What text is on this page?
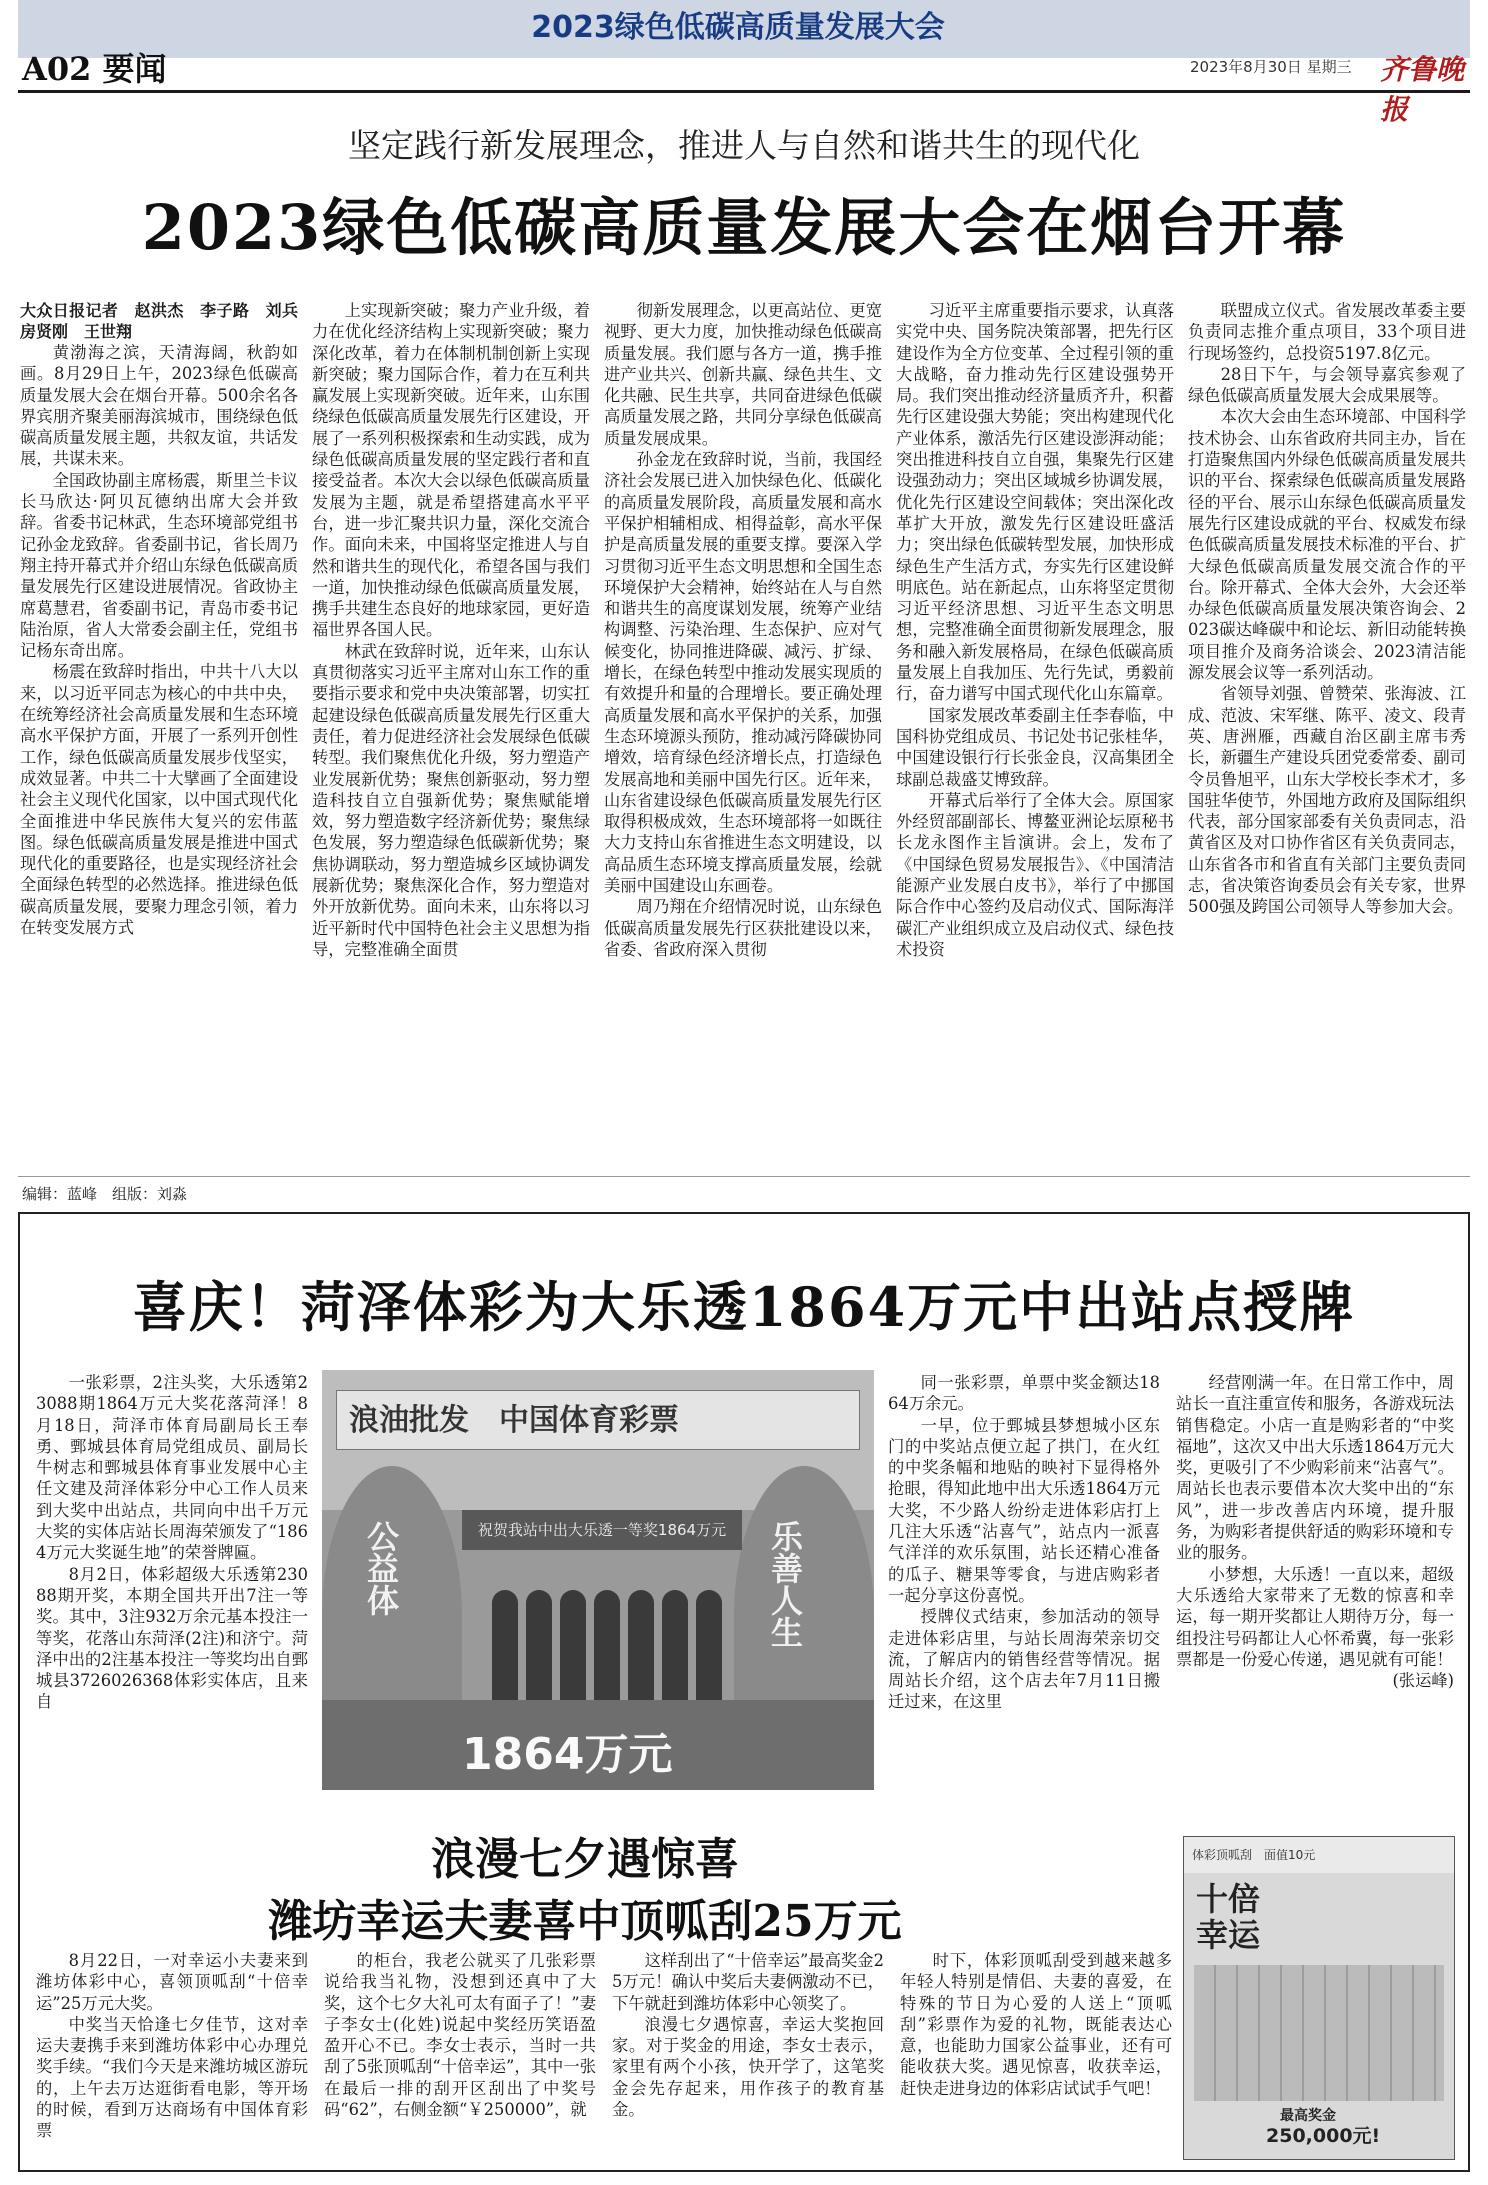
2023绿色低碳高质量发展大会
A02 要闻	2023年8月30日 星期三 齐鲁晚报
坚定践行新发展理念，推进人与自然和谐共生的现代化
2023绿色低碳高质量发展大会在烟台开幕

大众日报记者　赵洪杰　李子路　刘兵　房贤刚　王世翔

黄渤海之滨，天清海阔，秋韵如画。8月29日上午，2023绿色低碳高质量发展大会在烟台开幕。500余名各界宾朋齐聚美丽海滨城市，围绕绿色低碳高质量发展主题，共叙友谊，共话发展，共谋未来。

全国政协副主席杨震，斯里兰卡议长马欣达·阿贝瓦德纳出席大会并致辞。省委书记林武，生态环境部党组书记孙金龙致辞。省委副书记，省长周乃翔主持开幕式并介绍山东绿色低碳高质量发展先行区建设进展情况。省政协主席葛慧君，省委副书记，青岛市委书记陆治原，省人大常委会副主任，党组书记杨东奇出席。

杨震在致辞时指出，中共十八大以来，以习近平同志为核心的中共中央，在统筹经济社会高质量发展和生态环境高水平保护方面，开展了一系列开创性工作，绿色低碳高质量发展步伐坚实，成效显著。中共二十大擘画了全面建设社会主义现代化国家，以中国式现代化全面推进中华民族伟大复兴的宏伟蓝图。绿色低碳高质量发展是推进中国式现代化的重要路径，也是实现经济社会全面绿色转型的必然选择。推进绿色低碳高质量发展，要聚力理念引领，着力在转变发展方式

上实现新突破；聚力产业升级，着力在优化经济结构上实现新突破；聚力深化改革，着力在体制机制创新上实现新突破；聚力国际合作，着力在互利共赢发展上实现新突破。近年来，山东围绕绿色低碳高质量发展先行区建设，开展了一系列积极探索和生动实践，成为绿色低碳高质量发展的坚定践行者和直接受益者。本次大会以绿色低碳高质量发展为主题，就是希望搭建高水平平台，进一步汇聚共识力量，深化交流合作。面向未来，中国将坚定推进人与自然和谐共生的现代化，希望各国与我们一道，加快推动绿色低碳高质量发展，携手共建生态良好的地球家园，更好造福世界各国人民。

林武在致辞时说，近年来，山东认真贯彻落实习近平主席对山东工作的重要指示要求和党中央决策部署，切实扛起建设绿色低碳高质量发展先行区重大责任，着力促进经济社会发展绿色低碳转型。我们聚焦优化升级，努力塑造产业发展新优势；聚焦创新驱动，努力塑造科技自立自强新优势；聚焦赋能增效，努力塑造数字经济新优势；聚焦绿色发展，努力塑造绿色低碳新优势；聚焦协调联动，努力塑造城乡区域协调发展新优势；聚焦深化合作，努力塑造对外开放新优势。面向未来，山东将以习近平新时代中国特色社会主义思想为指导，完整准确全面贯

彻新发展理念，以更高站位、更宽视野、更大力度，加快推动绿色低碳高质量发展。我们愿与各方一道，携手推进产业共兴、创新共赢、绿色共生、文化共融、民生共享，共同奋进绿色低碳高质量发展之路，共同分享绿色低碳高质量发展成果。

孙金龙在致辞时说，当前，我国经济社会发展已进入加快绿色化、低碳化的高质量发展阶段，高质量发展和高水平保护相辅相成、相得益彰，高水平保护是高质量发展的重要支撑。要深入学习贯彻习近平生态文明思想和全国生态环境保护大会精神，始终站在人与自然和谐共生的高度谋划发展，统筹产业结构调整、污染治理、生态保护、应对气候变化，协同推进降碳、减污、扩绿、增长，在绿色转型中推动发展实现质的有效提升和量的合理增长。要正确处理高质量发展和高水平保护的关系，加强生态环境源头预防，推动减污降碳协同增效，培育绿色经济增长点，打造绿色发展高地和美丽中国先行区。近年来，山东省建设绿色低碳高质量发展先行区取得积极成效，生态环境部将一如既往大力支持山东省推进生态文明建设，以高品质生态环境支撑高质量发展，绘就美丽中国建设山东画卷。

周乃翔在介绍情况时说，山东绿色低碳高质量发展先行区获批建设以来，省委、省政府深入贯彻

习近平主席重要指示要求，认真落实党中央、国务院决策部署，把先行区建设作为全方位变革、全过程引领的重大战略，奋力推动先行区建设强势开局。我们突出推动经济量质齐升，积蓄先行区建设强大势能；突出构建现代化产业体系，激活先行区建设澎湃动能；突出推进科技自立自强，集聚先行区建设强劲动力；突出区域城乡协调发展，优化先行区建设空间载体；突出深化改革扩大开放，激发先行区建设旺盛活力；突出绿色低碳转型发展，加快形成绿色生产生活方式，夯实先行区建设鲜明底色。站在新起点，山东将坚定贯彻习近平经济思想、习近平生态文明思想，完整准确全面贯彻新发展理念，服务和融入新发展格局，在绿色低碳高质量发展上自我加压、先行先试，勇毅前行，奋力谱写中国式现代化山东篇章。

国家发展改革委副主任李春临，中国科协党组成员、书记处书记张桂华，中国建设银行行长张金良，汉高集团全球副总裁盛艾博致辞。

开幕式后举行了全体大会。原国家外经贸部副部长、博鳌亚洲论坛原秘书长龙永图作主旨演讲。会上，发布了《中国绿色贸易发展报告》、《中国清洁能源产业发展白皮书》，举行了中挪国际合作中心签约及启动仪式、国际海洋碳汇产业组织成立及启动仪式、绿色技术投资

联盟成立仪式。省发展改革委主要负责同志推介重点项目，33个项目进行现场签约，总投资5197.8亿元。

28日下午，与会领导嘉宾参观了绿色低碳高质量发展大会成果展等。

本次大会由生态环境部、中国科学技术协会、山东省政府共同主办，旨在打造聚焦国内外绿色低碳高质量发展共识的平台、探索绿色低碳高质量发展路径的平台、展示山东绿色低碳高质量发展先行区建设成就的平台、权威发布绿色低碳高质量发展技术标准的平台、扩大绿色低碳高质量发展交流合作的平台。除开幕式、全体大会外，大会还举办绿色低碳高质量发展决策咨询会、2023碳达峰碳中和论坛、新旧动能转换项目推介及商务洽谈会、2023清洁能源发展会议等一系列活动。

省领导刘强、曾赞荣、张海波、江成、范波、宋军继、陈平、凌文、段青英、唐洲雁，西藏自治区副主席韦秀长，新疆生产建设兵团党委常委、副司令员鲁旭平，山东大学校长李术才，多国驻华使节，外国地方政府及国际组织代表，部分国家部委有关负责同志，沿黄省区及对口协作省区有关负责同志，山东省各市和省直有关部门主要负责同志，省决策咨询委员会有关专家，世界500强及跨国公司领导人等参加大会。

编辑：蓝峰　组版：刘淼
喜庆！菏泽体彩为大乐透1864万元中出站点授牌

一张彩票，2注头奖，大乐透第23088期1864万元大奖花落菏泽！8月18日，菏泽市体育局副局长王奉勇、鄄城县体育局党组成员、副局长牛树志和鄄城县体育事业发展中心主任文建及菏泽体彩分中心工作人员来到大奖中出站点，共同向中出千万元大奖的实体店站长周海荣颁发了“1864万元大奖诞生地”的荣誉牌匾。

8月2日，体彩超级大乐透第23088期开奖，本期全国共开出7注一等奖。其中，3注932万余元基本投注一等奖，花落山东菏泽(2注)和济宁。菏泽中出的2注基本投注一等奖均出自鄄城县3726026368体彩实体店，且来自

浪油批发　中国体育彩票
祝贺我站中出大乐透一等奖1864万元
公益体	乐善人生
1864万元

同一张彩票，单票中奖金额达1864万余元。

一早，位于鄄城县梦想城小区东门的中奖站点便立起了拱门，在火红的中奖条幅和地贴的映衬下显得格外抢眼，得知此地中出大乐透1864万元大奖，不少路人纷纷走进体彩店打上几注大乐透“沾喜气”，站点内一派喜气洋洋的欢乐氛围，站长还精心准备的瓜子、糖果等零食，与进店购彩者一起分享这份喜悦。

授牌仪式结束，参加活动的领导走进体彩店里，与站长周海荣亲切交流，了解店内的销售经营等情况。据周站长介绍，这个店去年7月11日搬迁过来，在这里

经营刚满一年。在日常工作中，周站长一直注重宣传和服务，各游戏玩法销售稳定。小店一直是购彩者的“中奖福地”，这次又中出大乐透1864万元大奖，更吸引了不少购彩前来“沾喜气”。周站长也表示要借本次大奖中出的“东风”，进一步改善店内环境，提升服务，为购彩者提供舒适的购彩环境和专业的服务。

小梦想，大乐透！一直以来，超级大乐透给大家带来了无数的惊喜和幸运，每一期开奖都让人期待万分，每一组投注号码都让人心怀希冀，每一张彩票都是一份爱心传递，遇见就有可能！

(张运峰)

浪漫七夕遇惊喜
潍坊幸运夫妻喜中顶呱刮25万元

8月22日，一对幸运小夫妻来到潍坊体彩中心，喜领顶呱刮“十倍幸运”25万元大奖。

中奖当天恰逢七夕佳节，这对幸运夫妻携手来到潍坊体彩中心办理兑奖手续。“我们今天是来潍坊城区游玩的，上午去万达逛街看电影，等开场的时候，看到万达商场有中国体育彩票

的柜台，我老公就买了几张彩票说给我当礼物，没想到还真中了大奖，这个七夕大礼可太有面子了！”妻子李女士(化姓)说起中奖经历笑语盈盈开心不已。李女士表示，当时一共刮了5张顶呱刮“十倍幸运”，其中一张在最后一排的刮开区刮出了中奖号码“62”，右侧金额“￥250000”，就

这样刮出了“十倍幸运”最高奖金25万元！确认中奖后夫妻俩激动不已，下午就赶到潍坊体彩中心领奖了。

浪漫七夕遇惊喜，幸运大奖抱回家。对于奖金的用途，李女士表示，家里有两个小孩，快开学了，这笔奖金会先存起来，用作孩子的教育基金。

时下，体彩顶呱刮受到越来越多年轻人特别是情侣、夫妻的喜爱，在特殊的节日为心爱的人送上“顶呱刮”彩票作为爱的礼物，既能表达心意，也能助力国家公益事业，还有可能收获大奖。遇见惊喜，收获幸运，赶快走进身边的体彩店试试手气吧！

体彩顶呱刮　面值10元
十倍幸运
最高奖金
250,000元!
